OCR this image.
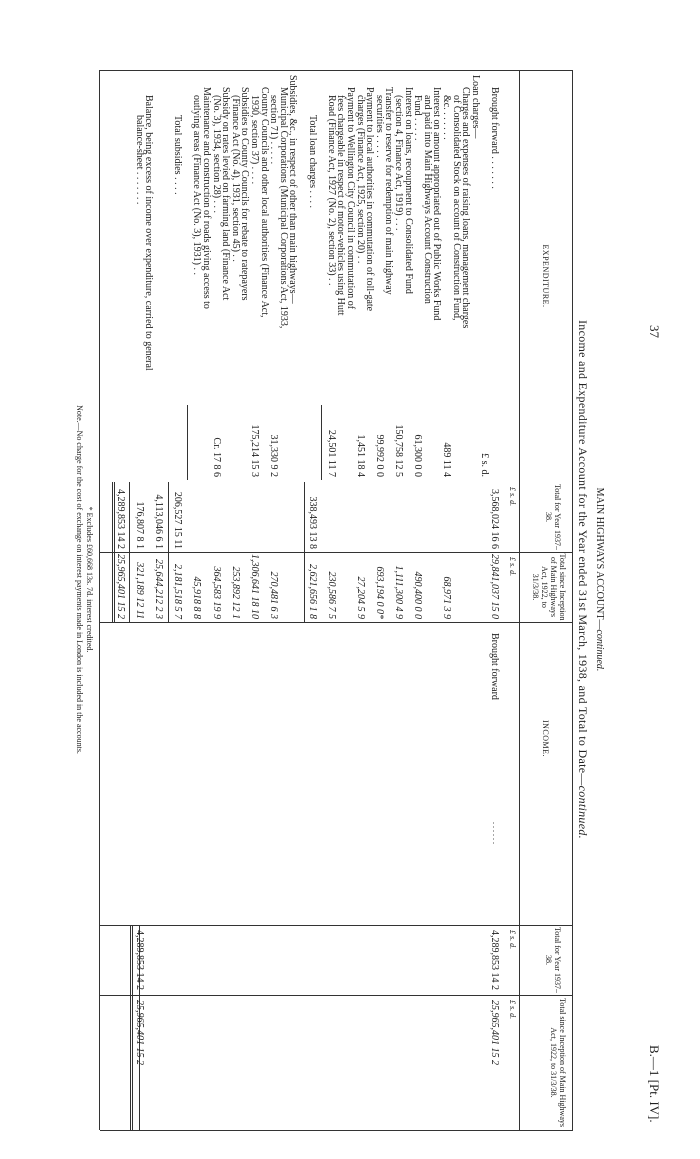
37
B.—1 [Pt. IV].
MAIN HIGHWAYS ACCOUNT—continued.
Income and Expenditure Account for the Year ended 31st March, 1938, and Total to Date—continued.
EXPENDITURE.
Total for Year 1937–38.
Total since Inception of Main Highways Act, 1922, to 31/3/38.
INCOME.
Total for Year 1937–38.
Total since Inception of Main Highways Act, 1922, to 31/3/38.
£ s. d.
£ s. d.
£ s. d.
£ s. d.
Brought forward . . . . . . .
3,568,024 16 6
29,841,037 15 0
£ s. d.
Loan charges—
Charges and expenses of raising loans, management charges
of Consolidated Stock on account of Construction Fund,
&c. . . . . . .
489 11 4
68,971 3 9
Interest on amount appropriated out of Public Works Fund
and paid into Main Highways Account Construction
Fund . . . . .
61,300 0 0
490,400 0 0
Interest on loans, recoupment to Consolidated Fund
(section 4, Finance Act, 1919) . . .
150,758 12 5
1,111,300 4 9
Transfer to reserve for redemption of main highway
securities . . . . .
99,992 0 0
693,194 0 0*
Payment to local authorities in commutation of toll-gate
charges (Finance Act, 1925, section 20) . .
1,451 18 4
27,204 5 9
Payment to Wellington City Council in commutation of
fees chargeable in respect of motor-vehicles using Hutt
Road (Finance Act, 1927 (No. 2), section 33) . .
24,501 11 7
230,586 7 5
Total loan charges . . . .
338,493 13 8
2,621,656 1 8
Subsidies, &c., in respect of other than main highways—
Municipal Corporations (Municipal Corporations Act, 1933,
section 71) . . . . .
31,330 9 2
270,481 6 3
County Councils and other local authorities (Finance Act,
1930, section 37) . . . .
175,214 15 3
1,306,641 18 10
Subsidies to County Councils for rebate to ratepayers
(Finance Act (No. 4), 1931, section 45) . .
253,892 12 1
Subsidy on rates levied on farming land (Finance Act
(No. 3), 1934, section 28) . . .
Cr. 17 8 6
364,583 19 9
Maintenance and construction of roads giving access to
outlying areas (Finance Act (No. 3), 1931) . .
45,918 8 8
Total subsidies . . . .
206,527 15 11
2,181,518 5 7
4,113,046 6 1
25,644,212 2 3
Balance, being excess of income over expenditure, carried to general
balance-sheet . . . . . . .
176,807 8 1
321,189 12 11
4,289,853 14 2
25,965,401 15 2
Brought forward
. . . . . .
4,289,853 14 2
25,965,401 15 2
4,289,853 14 2
25,965,401 15 2
* Excludes £60,668 13s. 7d. interest credited.
Note.—No charge for the cost of exchange on interest payments made in London is included in the accounts.
